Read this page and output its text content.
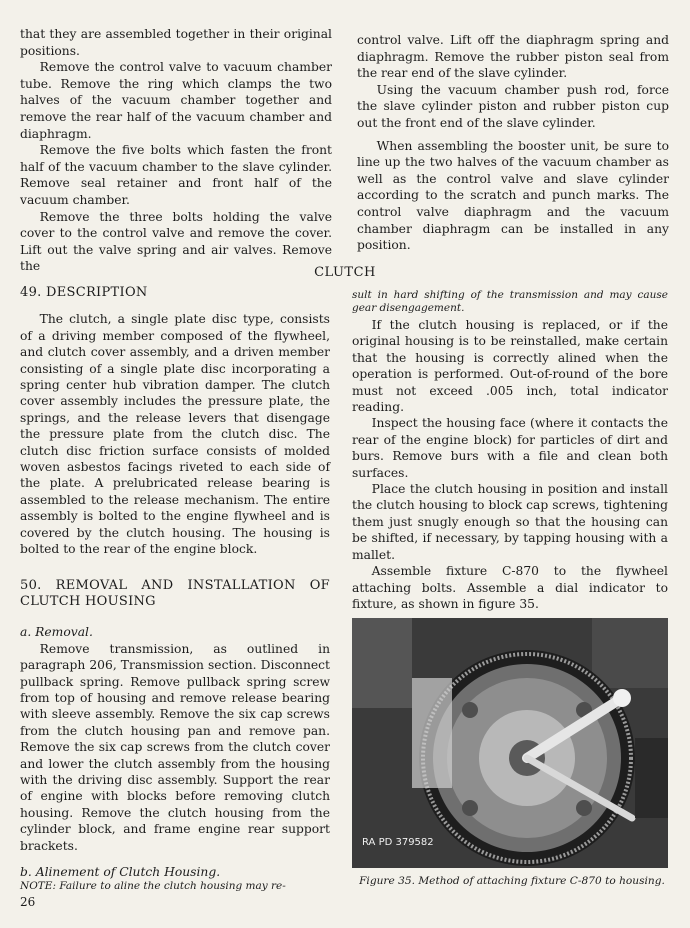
that they are assembled together in their original positions.

Remove the control valve to vacuum chamber tube. Remove the ring which clamps the two halves of the vacuum chamber together and remove the rear half of the vacuum chamber and diaphragm.

Remove the five bolts which fasten the front half of the vacuum chamber to the slave cylinder. Remove seal retainer and front half of the vacuum chamber.

Remove the three bolts holding the valve cover to the control valve and remove the cover. Lift out the valve spring and air valves. Remove the

control valve. Lift off the diaphragm spring and diaphragm. Remove the rubber piston seal from the rear end of the slave cylinder.

Using the vacuum chamber push rod, force the slave cylinder piston and rubber piston cup out the front end of the slave cylinder.

When assembling the booster unit, be sure to line up the two halves of the vacuum chamber as well as the control valve and slave cylinder according to the scratch and punch marks. The control valve diaphragm and the vacuum chamber diaphragm can be installed in any position.

CLUTCH
49. DESCRIPTION

The clutch, a single plate disc type, consists of a driving member composed of the flywheel, and clutch cover assembly, and a driven member consisting of a single plate disc incorporating a spring center hub vibration damper. The clutch cover assembly includes the pressure plate, the springs, and the release levers that disengage the pressure plate from the clutch disc. The clutch disc friction surface consists of molded woven asbestos facings riveted to each side of the plate. A prelubricated release bearing is assembled to the release mechanism. The entire assembly is bolted to the engine flywheel and is covered by the clutch housing. The housing is bolted to the rear of the engine block.

50. REMOVAL AND INSTALLATION OF CLUTCH HOUSING

a. Removal.

Remove transmission, as outlined in paragraph 206, Transmission section. Disconnect pullback spring. Remove pullback spring screw from top of housing and remove release bearing with sleeve assembly. Remove the six cap screws from the clutch housing pan and remove pan. Remove the six cap screws from the clutch cover and lower the clutch assembly from the housing with the driving disc assembly. Support the rear of engine with blocks before removing clutch housing. Remove the clutch housing from the cylinder block, and frame engine rear support brackets.

b. Alinement of Clutch Housing.

NOTE: Failure to aline the clutch housing may re-

sult in hard shifting of the transmission and may cause gear disengagement.

If the clutch housing is replaced, or if the original housing is to be reinstalled, make certain that the housing is correctly alined when the operation is performed. Out-of-round of the bore must not exceed .005 inch, total indicator reading.

Inspect the housing face (where it contacts the rear of the engine block) for particles of dirt and burs. Remove burs with a file and clean both surfaces.

Place the clutch housing in position and install the clutch housing to block cap screws, tightening them just snugly enough so that the housing can be shifted, if necessary, by tapping housing with a mallet.

Assemble fixture C-870 to the flywheel attaching bolts. Assemble a dial indicator to fixture, as shown in figure 35.

RA PD 379582
Figure 35. Method of attaching fixture C-870 to housing.
26
